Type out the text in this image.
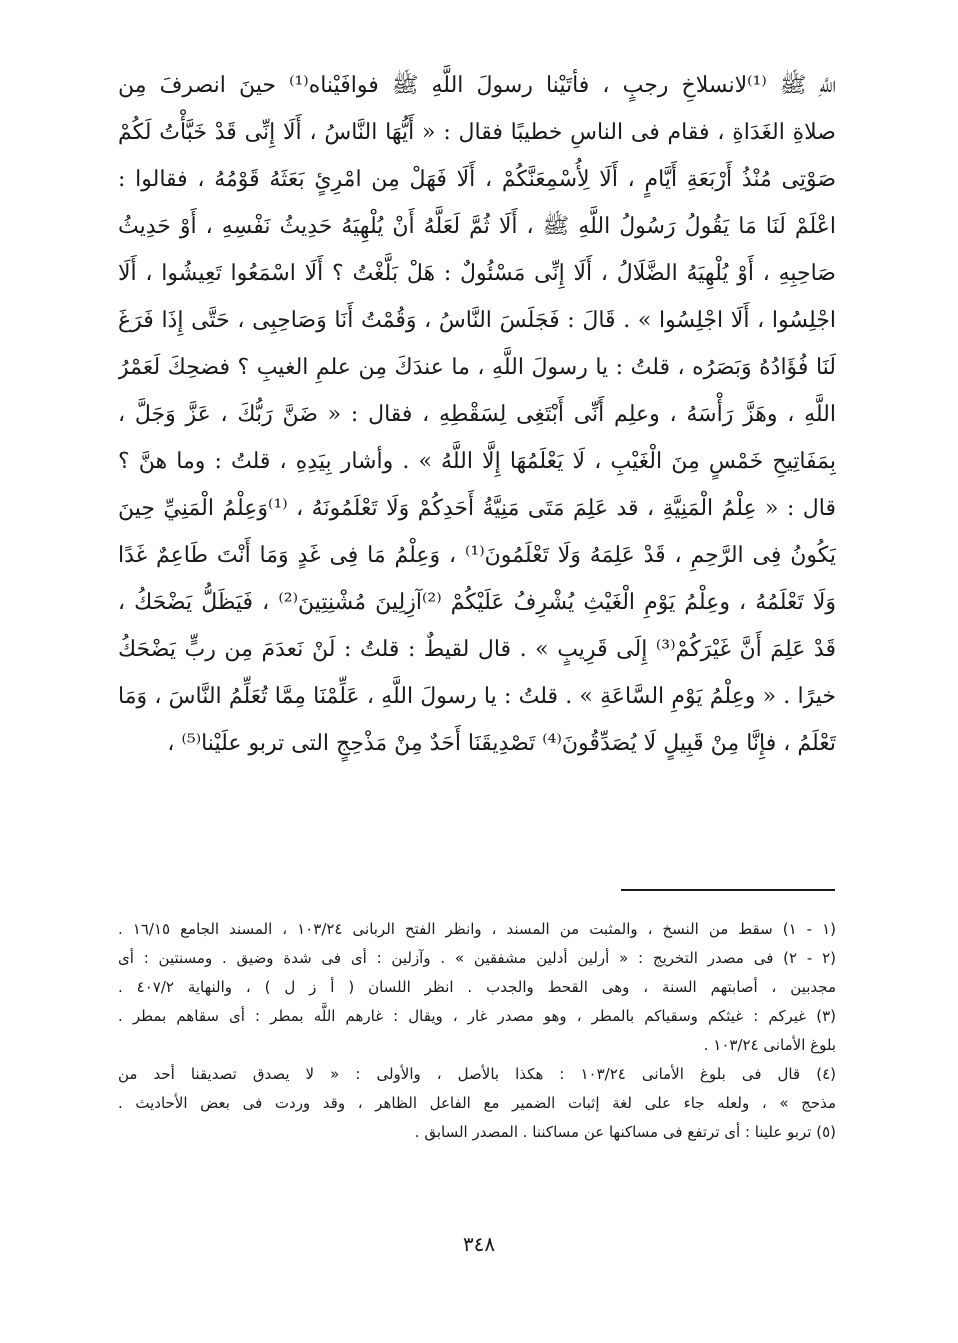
اللَّهِ ﷺ ⁽¹⁾لانسلاخِ رجبٍ ، فأتَيْنا رسولَ اللَّهِ ﷺ فوافَيْناه⁽¹⁾ حينَ انصرفَ مِن
صلاةِ الغَدَاةِ ، فقام فى الناسِ خطيبًا فقال : « أَيُّهَا النَّاسُ ، أَلَا إِنِّى قَدْ خَبَّأْتُ لَكُمْ
صَوْتِى مُنْذُ أَرْبَعَةِ أَيَّامٍ ، أَلَا لِأُسْمِعَنَّكُمْ ، أَلَا فَهَلْ مِن امْرِئٍ بَعَثَهُ قَوْمُهُ ، فقالوا :
اعْلَمْ لَنَا مَا يَقُولُ رَسُولُ اللَّهِ ﷺ ، أَلَا ثُمَّ لَعَلَّهُ أَنْ يُلْهِيَهُ حَدِيثُ نَفْسِهِ ، أَوْ حَدِيثُ
صَاحِبِهِ ، أَوْ يُلْهِيَهُ الضَّلَالُ ، أَلَا إِنِّى مَسْئُولٌ : هَلْ بَلَّغْتُ ؟ أَلَا اسْمَعُوا تَعِيشُوا ، أَلَا
اجْلِسُوا ، أَلَا اجْلِسُوا » . قَالَ : فَجَلَسَ النَّاسُ ، وَقُمْتُ أَنَا وَصَاحِبِى ، حَتَّى إِذَا فَرَغَ
لَنَا فُؤَادُهُ وَبَصَرُه ، قلتُ : يا رسولَ اللَّهِ ، ما عندَكَ مِن علمِ الغيبِ ؟ فضحِكَ لَعَمْرُ
اللَّهِ ، وهَزَّ رَأْسَهُ ، وعلِم أَنِّى أَبْتَغِى لِسَقْطِهِ ، فقال : « ضَنَّ رَبُّكَ ، عَزَّ وَجَلَّ ،
بِمَفَاتِيحِ خَمْسٍ مِنَ الْغَيْبِ ، لَا يَعْلَمُهَا إِلَّا اللَّهُ » . وأشار بِيَدِهِ ، قلتُ : وما هنَّ ؟
قال : « عِلْمُ الْمَنِيَّةِ ، قد عَلِمَ مَتَى مَنِيَّةُ أَحَدِكُمْ وَلَا تَعْلَمُونَهُ ، ⁽¹⁾وَعِلْمُ الْمَنِيِّ حِينَ
يَكُونُ فِى الرَّحِمِ ، قَدْ عَلِمَهُ وَلَا تَعْلَمُونَ⁽¹⁾ ، وَعِلْمُ مَا فِى غَدٍ وَمَا أَنْتَ طَاعِمٌ غَدًا
وَلَا تَعْلَمُهُ ، وعِلْمُ يَوْمِ الْغَيْثِ يُشْرِفُ عَلَيْكُمْ ⁽²⁾آزِلِينَ مُشْنِتِينَ⁽²⁾ ، فَيَظَلُّ يَضْحَكُ ،
قَدْ عَلِمَ أَنَّ غَيْرَكُمْ⁽³⁾ إِلَى قَرِيبٍ » . قال لقيطٌ : قلتُ : لَنْ نَعدَمَ مِن ربٍّ يَضْحَكُ
خيرًا . « وعِلْمُ يَوْمِ السَّاعَةِ » . قلتُ : يا رسولَ اللَّهِ ، عَلِّمْنَا مِمَّا تُعَلِّمُ النَّاسَ ، وَمَا
تَعْلَمُ ، فإِنَّا مِنْ قَبِيلٍ لَا يُصَدِّقُونَ⁽⁴⁾ تَصْدِيقَنَا أَحَدٌ مِنْ مَذْحِجٍ التى تربو علَيْنا⁽⁵⁾ ،
(١ - ١) سقط من النسخ ، والمثبت من المسند ، وانظر الفتح الربانى ١٠٣/٢٤ ، المسند الجامع ١٦/١٥ .
(٢ - ٢) فى مصدر التخريج : « أرلين أدلين مشفقين » . وآزلين : أى فى شدة وضيق . ومسنتين : أى
مجدبين ، أصابتهم السنة ، وهى القحط والجدب . انظر اللسان ( أ ز ل ) ، والنهاية ٤٠٧/٢ .
(٣) غيركم : غيثكم وسقياكم بالمطر ، وهو مصدر غار ، ويقال : غارهم اللَّه بمطر : أى سقاهم بمطر .
بلوغ الأمانى ١٠٣/٢٤ .
(٤) قال فى بلوغ الأمانى ١٠٣/٢٤ : هكذا بالأصل ، والأولى : « لا يصدق تصديقنا أحد من
مذحج » ، ولعله جاء على لغة إثبات الضمير مع الفاعل الظاهر ، وقد وردت فى بعض الأحاديث .
(٥) تربو علينا : أى ترتفع فى مساكنها عن مساكننا . المصدر السابق .
٣٤٨
